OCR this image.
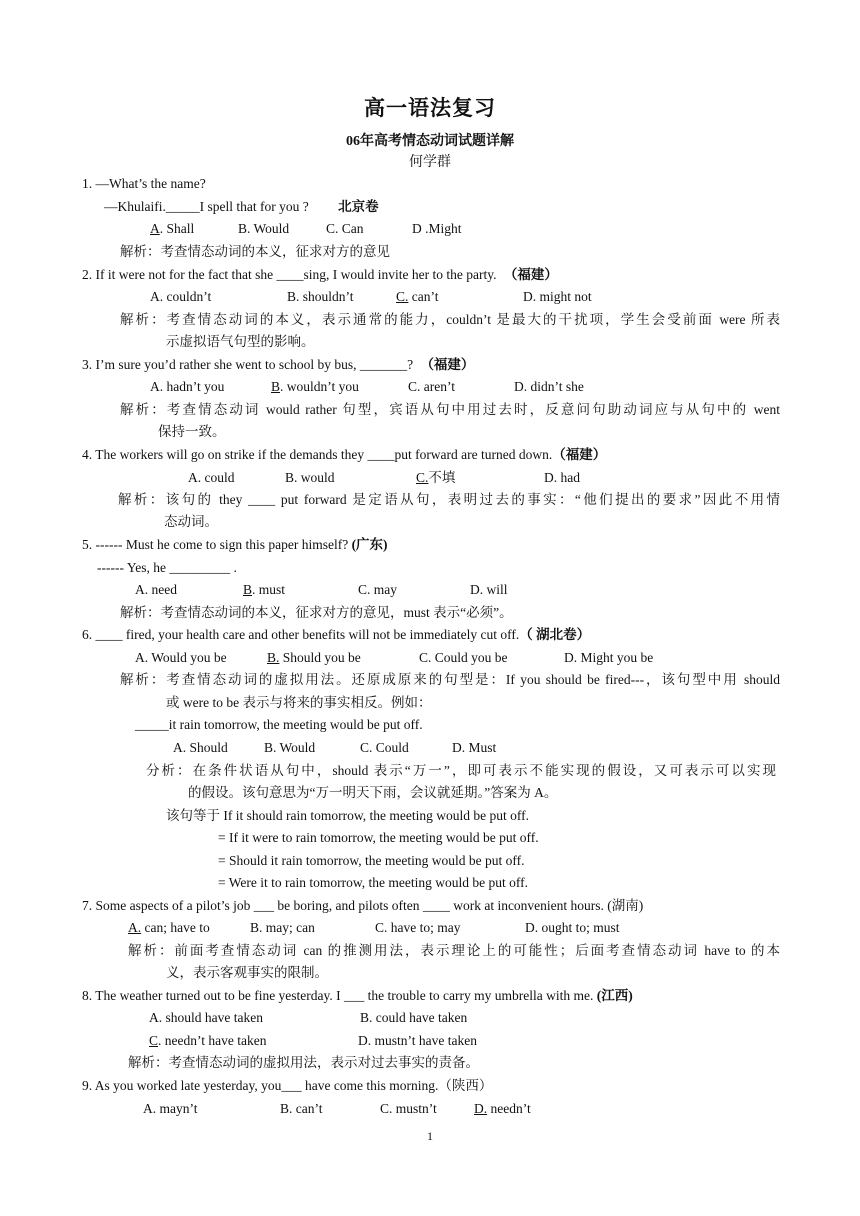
高一语法复习
06年高考情态动词试题详解
何学群
1. —What’s the name?
—Khulaifi._____I spell that for you ? 北京卷
A. Shall	B. Would	C. Can	D .Might
解析：考查情态动词的本义，征求对方的意见
2. If it were not for the fact that she ____sing, I would invite her to the party. （福建）
A. couldn’t	B. shouldn’t	C. can’t	D. might not
解析：考查情态动词的本义，表示通常的能力，couldn’t 是最大的干扰项，学生会受前面 were 所表
示虚拟语气句型的影响。
3. I’m sure you’d rather she went to school by bus, _______? （福建）
A. hadn’t you	B. wouldn’t you	C. aren’t	D. didn’t she
解析：考查情态动词 would rather 句型，宾语从句中用过去时，反意问句助动词应与从句中的 went
保持一致。
4. The workers will go on strike if the demands they ____put forward are turned down.（福建）
A. could	B. would	C.不填	D. had
解析：该句的 they ____ put forward 是定语从句，表明过去的事实：“他们提出的要求”因此不用情
态动词。
5. ------ Must he come to sign this paper himself? (广东)
------ Yes, he _________ .
A. need	B. must	C. may	D. will
解析：考查情态动词的本义，征求对方的意见，must 表示“必须”。
6. ____ fired, your health care and other benefits will not be immediately cut off.（ 湖北卷）
A. Would you be	B. Should you be	C. Could you be	D. Might you be
解析：考查情态动词的虚拟用法。还原成原来的句型是：If you should be fired---，该句型中用 should
或 were to be 表示与将来的事实相反。例如：
_____it rain tomorrow, the meeting would be put off.
A. Should	B. Would	C. Could	D. Must
分析：在条件状语从句中，should 表示“万一”，即可表示不能实现的假设，又可表示可以实现
的假设。该句意思为“万一明天下雨，会议就延期。”答案为 A。
该句等于 If it should rain tomorrow, the meeting would be put off.
= If it were to rain tomorrow, the meeting would be put off.
= Should it rain tomorrow, the meeting would be put off.
= Were it to rain tomorrow, the meeting would be put off.
7. Some aspects of a pilot’s job ___ be boring, and pilots often ____ work at inconvenient hours. (湖南)
A. can; have to	B. may; can	C. have to; may	D. ought to; must
解析：前面考查情态动词 can 的推测用法，表示理论上的可能性；后面考查情态动词 have to 的本
义，表示客观事实的限制。
8. The weather turned out to be fine yesterday. I ___ the trouble to carry my umbrella with me. (江西)
A. should have taken	B. could have taken
C. needn’t have taken	D. mustn’t have taken
解析：考查情态动词的虚拟用法，表示对过去事实的责备。
9. As you worked late yesterday, you___ have come this morning.（陕西）
A. mayn’t	B. can’t	C. mustn’t	D. needn’t
1
